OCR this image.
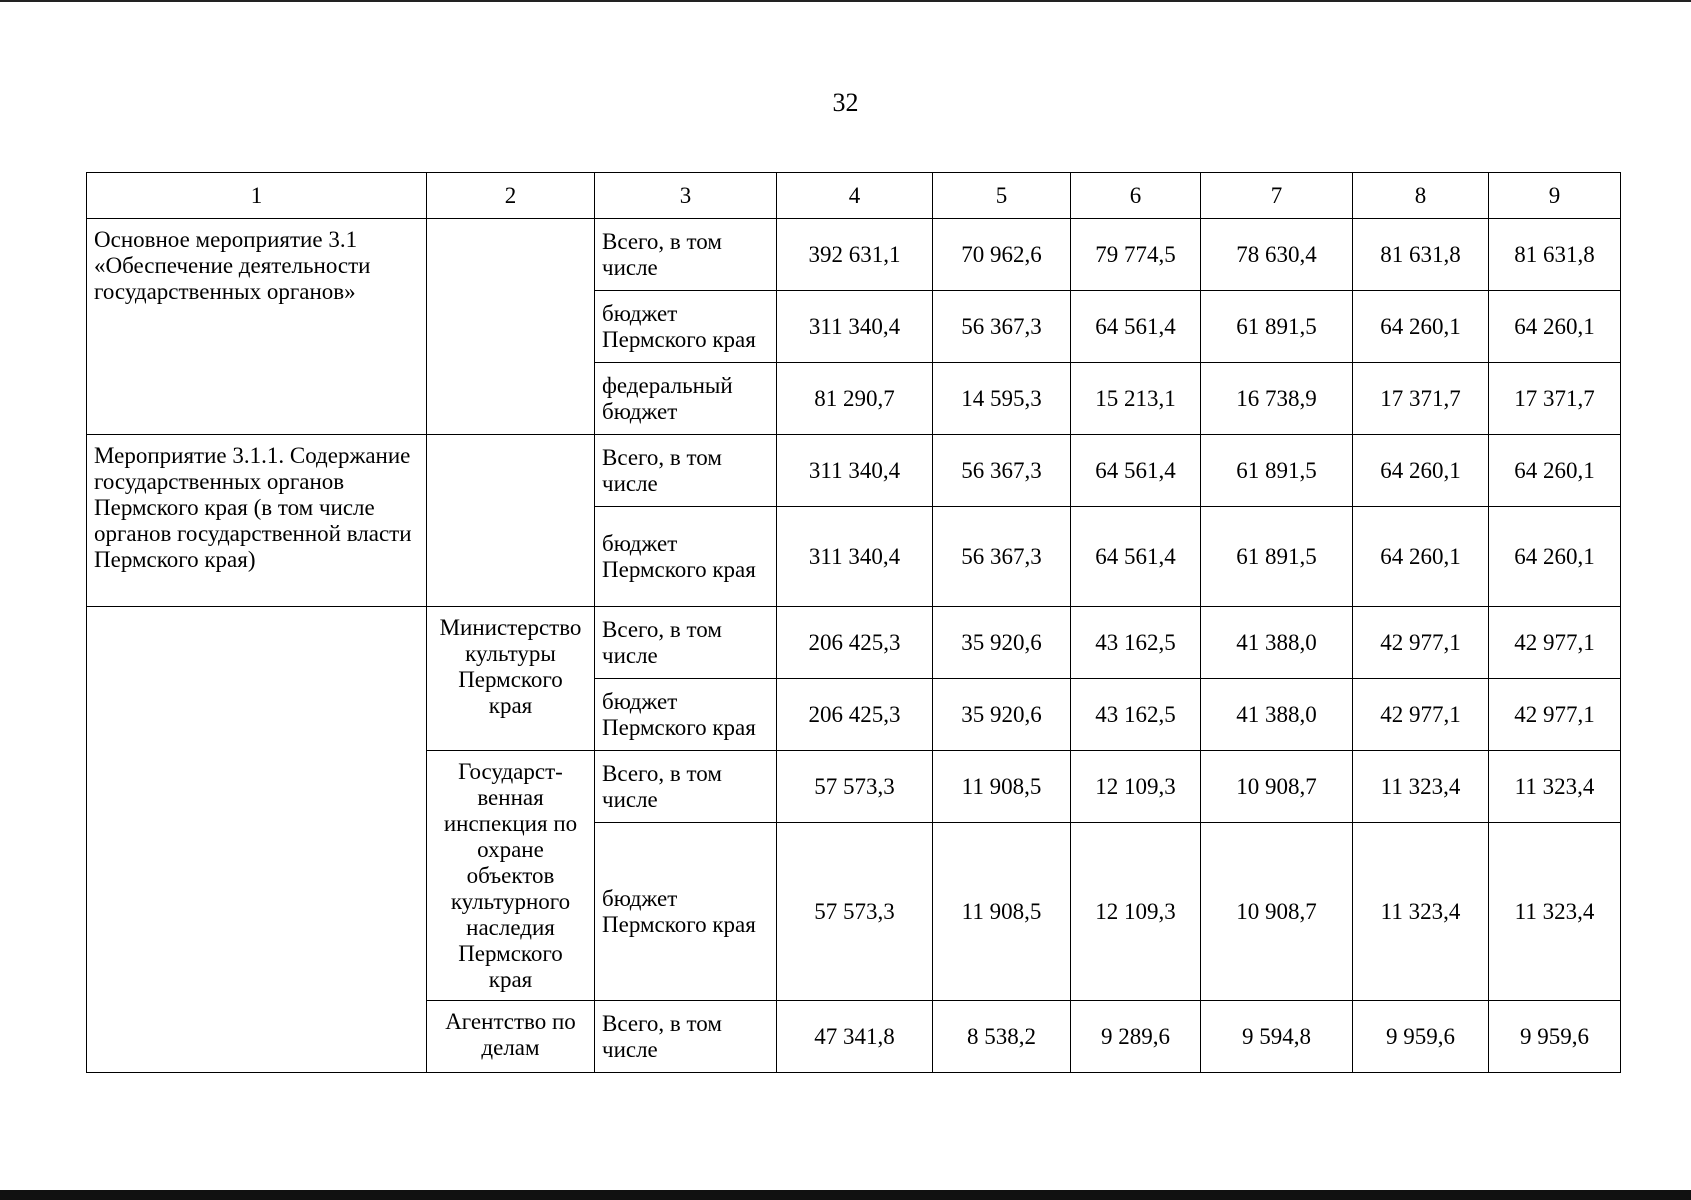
32
1	2	3	4	5	6	7	8	9
Основное мероприятие 3.1 «Обеспечение деятельности государственных органов»		Всего, в том числе	392 631,1	70 962,6	79 774,5	78 630,4	81 631,8	81 631,8
		бюджет Пермского края	311 340,4	56 367,3	64 561,4	61 891,5	64 260,1	64 260,1
		федеральный бюджет	81 290,7	14 595,3	15 213,1	16 738,9	17 371,7	17 371,7
Мероприятие 3.1.1. Содержание государственных органов Пермского края (в том числе органов государственной власти Пермского края)		Всего, в том числе	311 340,4	56 367,3	64 561,4	61 891,5	64 260,1	64 260,1
		бюджет Пермского края	311 340,4	56 367,3	64 561,4	61 891,5	64 260,1	64 260,1
	Министерство культуры Пермского края	Всего, в том числе	206 425,3	35 920,6	43 162,5	41 388,0	42 977,1	42 977,1
		бюджет Пермского края	206 425,3	35 920,6	43 162,5	41 388,0	42 977,1	42 977,1
	Государст-венная инспекция по охране объектов культурного наследия Пермского края	Всего, в том числе	57 573,3	11 908,5	12 109,3	10 908,7	11 323,4	11 323,4
		бюджет Пермского края	57 573,3	11 908,5	12 109,3	10 908,7	11 323,4	11 323,4
	Агентство по делам	Всего, в том числе	47 341,8	8 538,2	9 289,6	9 594,8	9 959,6	9 959,6
